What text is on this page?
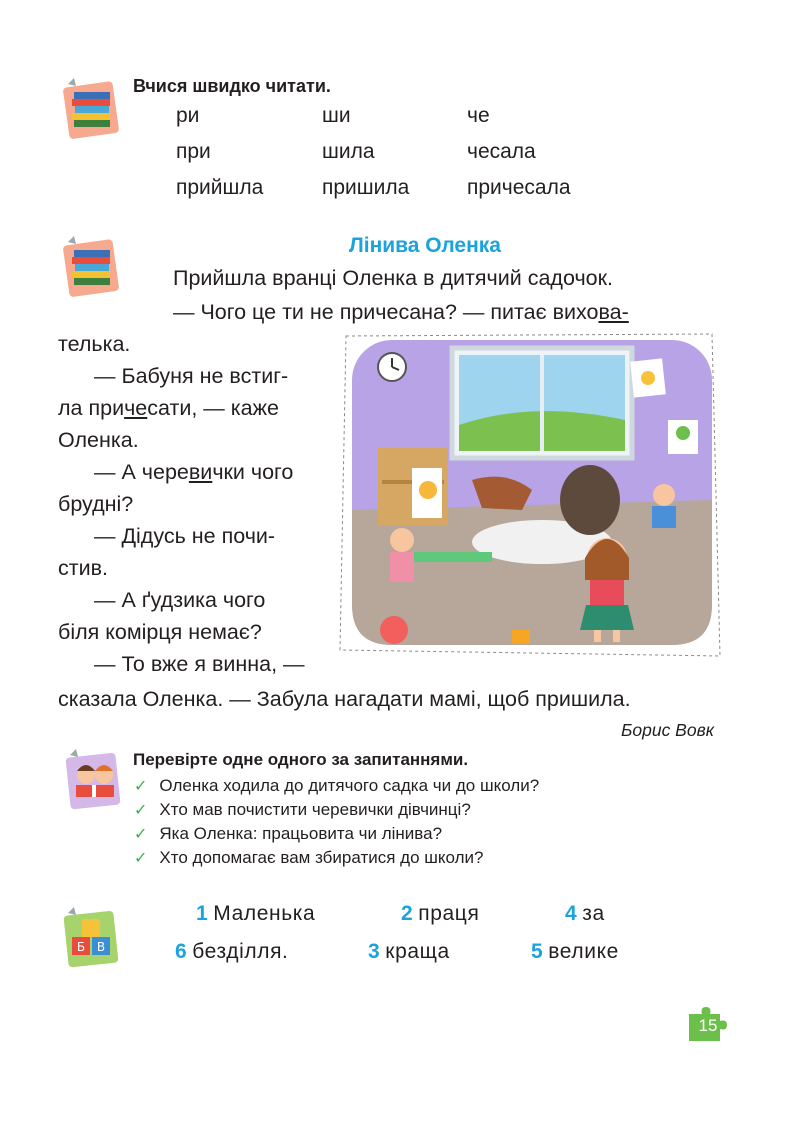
Вчися швидко читати.
ри	ши	че
при	шила	чесала
прийшла	пришила	причесала
Лінива Оленка
Прийшла вранці Оленка в дитячий садочок.
— Чого це ти не причесана? — питає вихова-
телька.
— Бабуня не встиг-
ла причесати, — каже
Оленка.
— А черевички чого
брудні?
— Дідусь не почи-
стив.
— А ґудзика чого
біля комірця немає?
— То вже я винна, —
сказала Оленка. — Забула нагадати мамі, щоб пришила.
Борис Вовк
Перевірте одне одного за запитаннями.
✓ Оленка ходила до дитячого садка чи до школи?
✓ Хто мав почистити черевички дівчинці?
✓ Яка Оленка: працьовита чи лінива?
✓ Хто допомагає вам збиратися до школи?
Б В
1 Маленька	2 праця	4 за
6 безділля.	3 краща	5 велике
15
